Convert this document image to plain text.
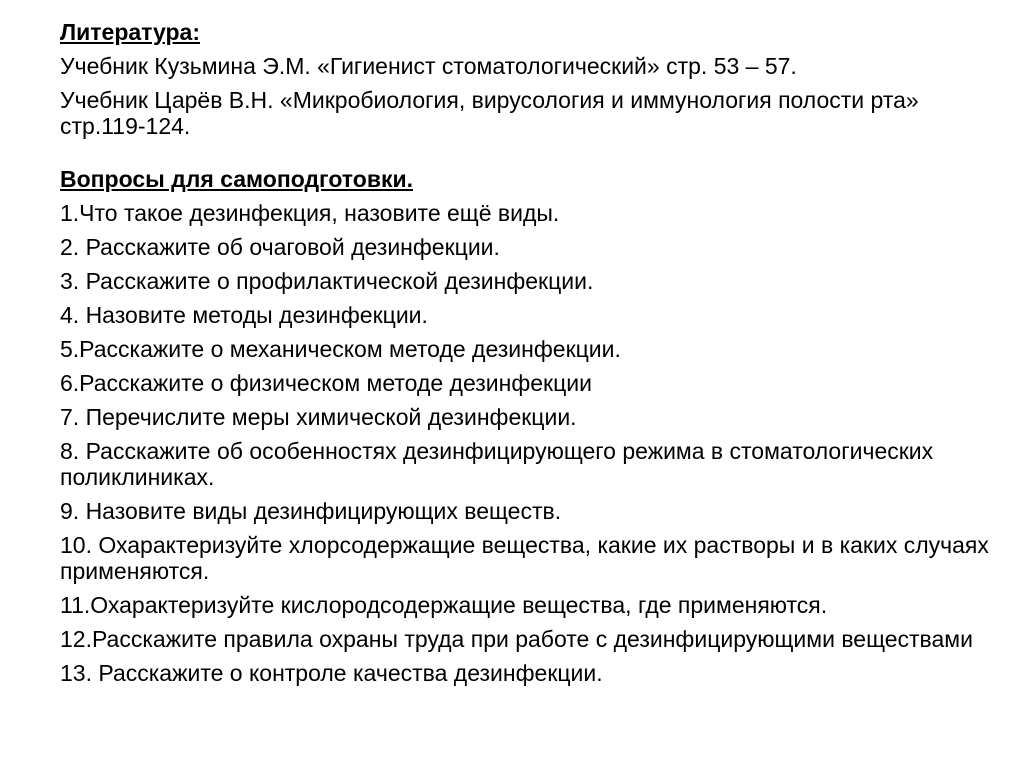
Литература:
Учебник Кузьмина Э.М. «Гигиенист стоматологический» стр. 53 – 57.
Учебник Царёв В.Н. «Микробиология, вирусология и иммунология полости рта» стр.119-124.
Вопросы для самоподготовки.
1.Что такое дезинфекция, назовите ещё виды.
2. Расскажите об очаговой дезинфекции.
3. Расскажите о профилактической дезинфекции.
4. Назовите методы дезинфекции.
5.Расскажите о механическом методе дезинфекции.
6.Расскажите о физическом методе дезинфекции
7. Перечислите меры химической дезинфекции.
8. Расскажите об особенностях дезинфицирующего режима в стоматологических поликлиниках.
9. Назовите виды дезинфицирующих веществ.
10. Охарактеризуйте хлорсодержащие вещества, какие их растворы и в каких случаях применяются.
11.Охарактеризуйте кислородсодержащие вещества, где применяются.
12.Расскажите правила охраны труда при работе с дезинфицирующими веществами
13. Расскажите о контроле качества дезинфекции.
